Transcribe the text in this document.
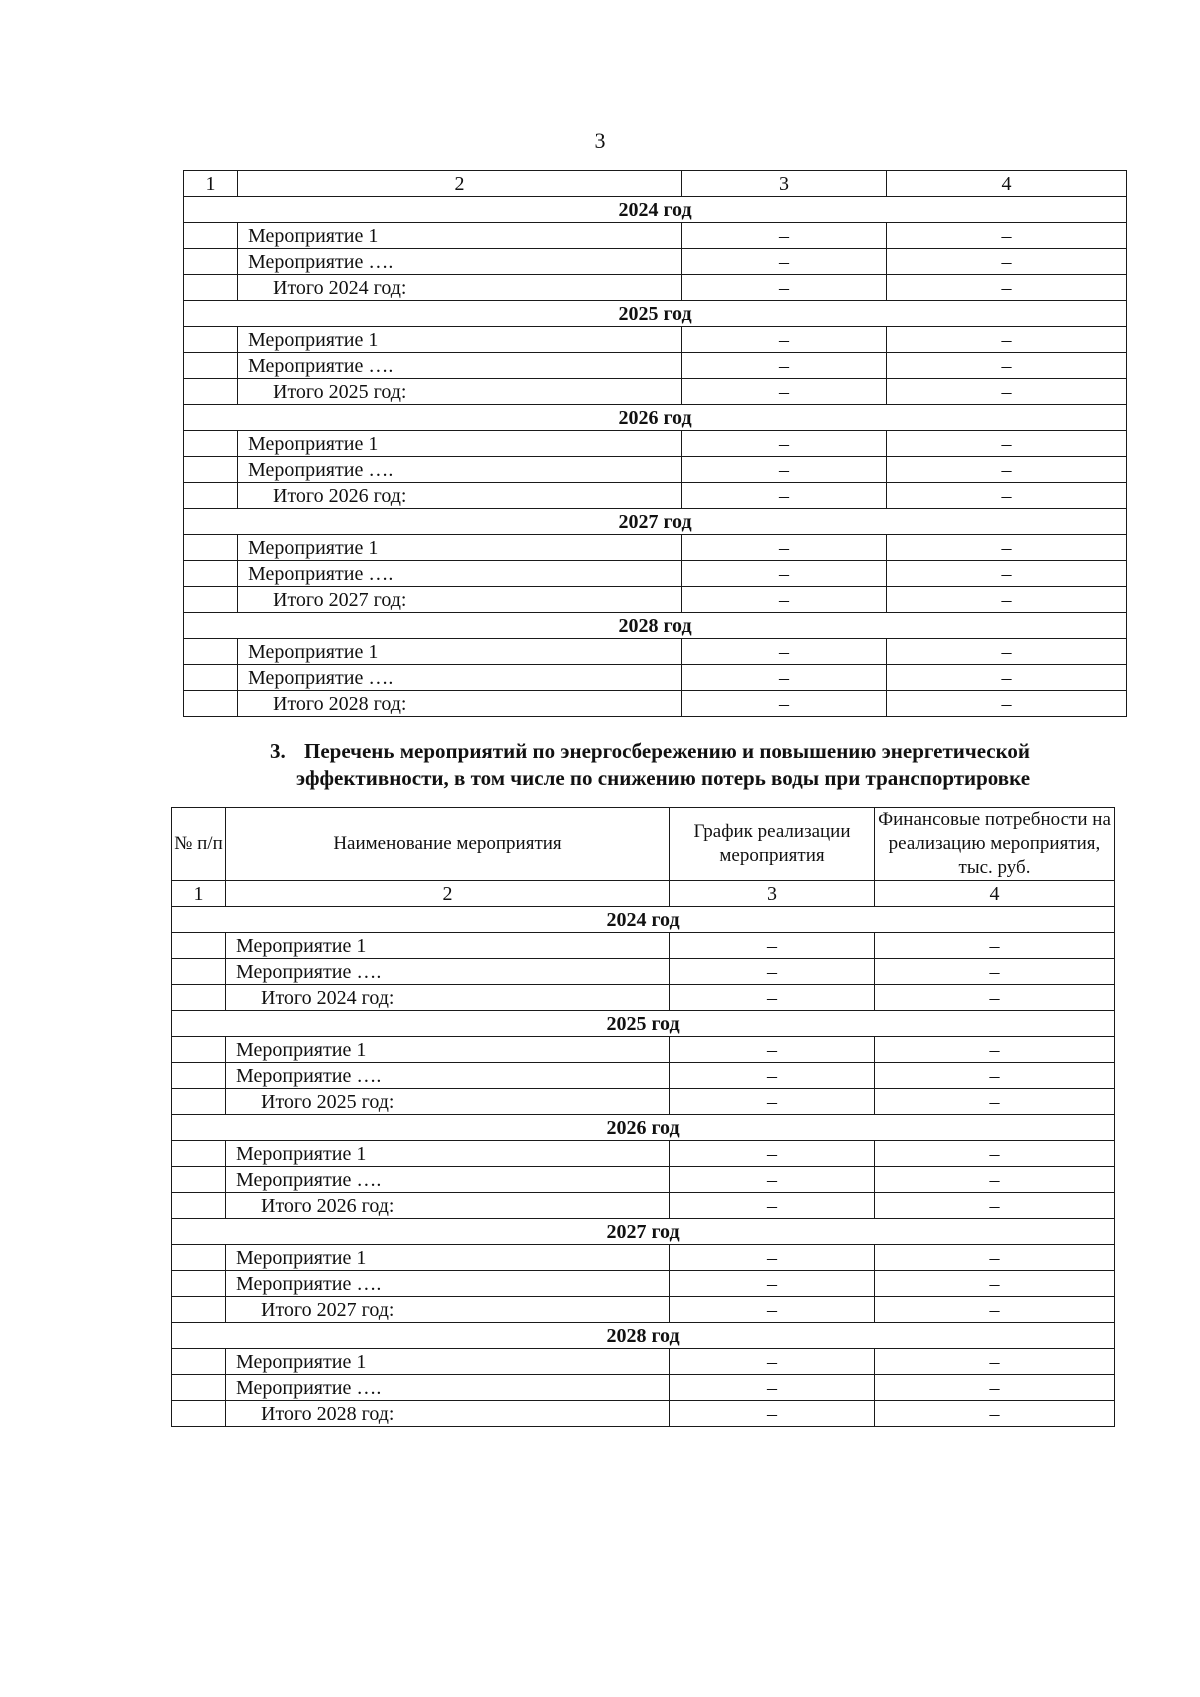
3
1	2	3	4
2024 год			
	Мероприятие 1	–	–
	Мероприятие ….	–	–
	Итого 2024 год:	–	–
2025 год			
	Мероприятие 1	–	–
	Мероприятие ….	–	–
	Итого 2025 год:	–	–
2026 год			
	Мероприятие 1	–	–
	Мероприятие ….	–	–
	Итого 2026 год:	–	–
2027 год			
	Мероприятие 1	–	–
	Мероприятие ….	–	–
	Итого 2027 год:	–	–
2028 год			
	Мероприятие 1	–	–
	Мероприятие ….	–	–
	Итого 2028 год:	–	–
3. Перечень мероприятий по энергосбережению и повышению энергетической
эффективности, в том числе по снижению потерь воды при транспортировке
№ п/п	Наименование мероприятия	График реализации мероприятия	Финансовые потребности на реализацию мероприятия, тыс. руб.
1	2	3	4
2024 год			
	Мероприятие 1	–	–
	Мероприятие ….	–	–
	Итого 2024 год:	–	–
2025 год			
	Мероприятие 1	–	–
	Мероприятие ….	–	–
	Итого 2025 год:	–	–
2026 год			
	Мероприятие 1	–	–
	Мероприятие ….	–	–
	Итого 2026 год:	–	–
2027 год			
	Мероприятие 1	–	–
	Мероприятие ….	–	–
	Итого 2027 год:	–	–
2028 год			
	Мероприятие 1	–	–
	Мероприятие ….	–	–
	Итого 2028 год:	–	–
